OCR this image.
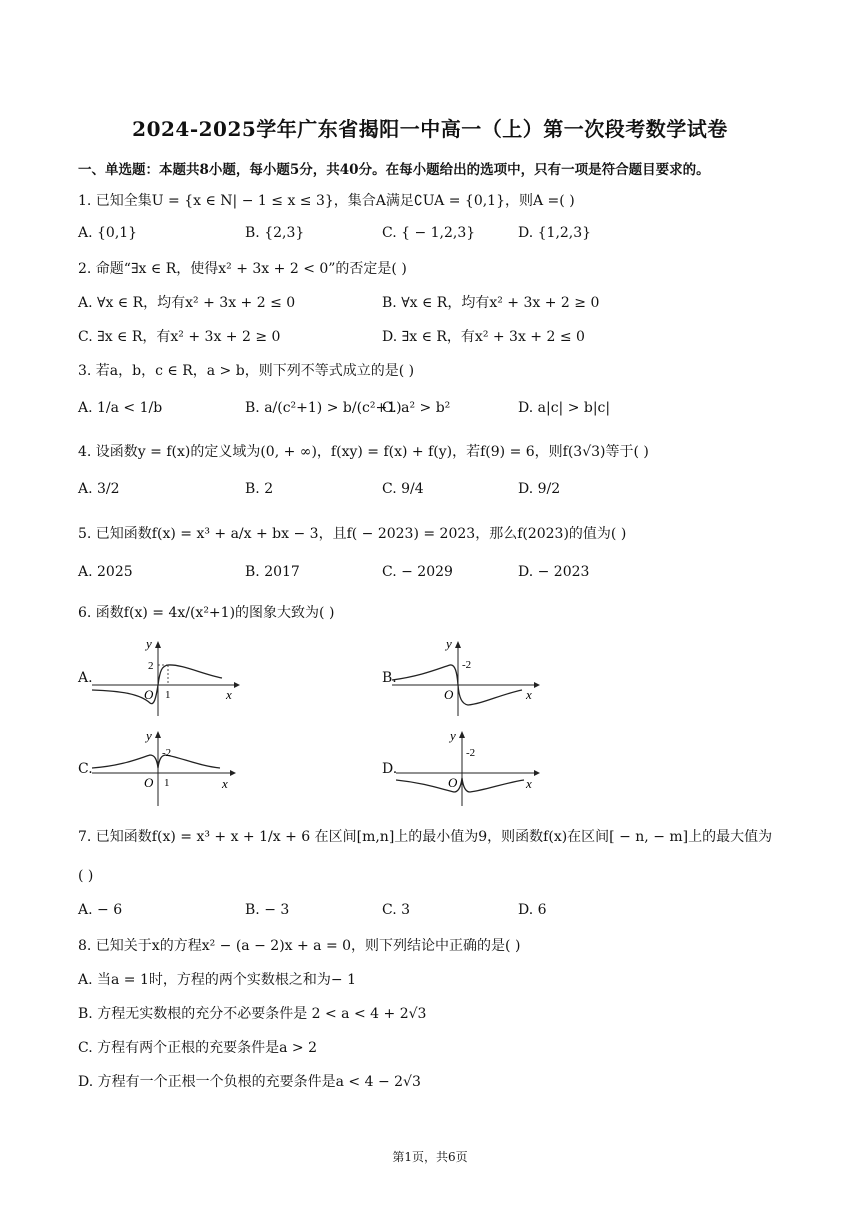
2024-2025学年广东省揭阳一中高一（上）第一次段考数学试卷
一、单选题：本题共8小题，每小题5分，共40分。在每小题给出的选项中，只有一项是符合题目要求的。
1. 已知全集U = {x ∈ N| − 1 ≤ x ≤ 3}，集合A满足∁UA = {0,1}，则A =( )
A. {0,1}	B. {2,3}	C. { − 1,2,3}	D. {1,2,3}
2. 命题“∃x ∈ R，使得x² + 3x + 2 < 0”的否定是( )
A. ∀x ∈ R，均有x² + 3x + 2 ≤ 0	B. ∀x ∈ R，均有x² + 3x + 2 ≥ 0
C. ∃x ∈ R，有x² + 3x + 2 ≥ 0	D. ∃x ∈ R，有x² + 3x + 2 ≤ 0
3. 若a，b，c ∈ R，a > b，则下列不等式成立的是( )
A. 1/a < 1/b	B. a/(c²+1) > b/(c²+1)
C. a² > b²	D. a|c| > b|c|
4. 设函数y = f(x)的定义域为(0, + ∞)，f(xy) = f(x) + f(y)，若f(9) = 6，则f(3√3)等于( )
A. 3/2	B. 2	C. 9/4	D. 9/2
5. 已知函数f(x) = x³ + a/x + bx − 3，且f( − 2023) = 2023，那么f(2023)的值为( )
A. 2025	B. 2017	C. − 2029	D. − 2023
6. 函数f(x) = 4x/(x²+1)的图象大致为( )
A.
y
x
O 1
2
B.
y
x
O
-2
C.
y
x
O 1
-2
D.
y
x
O
-2
7. 已知函数f(x) = x³ + x + 1/x + 6 在区间[m,n]上的最小值为9，则函数f(x)在区间[ − n, − m]上的最大值为
( )
A. − 6	B. − 3	C. 3	D. 6
8. 已知关于x的方程x² − (a − 2)x + a = 0，则下列结论中正确的是( )
A. 当a = 1时，方程的两个实数根之和为− 1
B. 方程无实数根的充分不必要条件是 2 < a < 4 + 2√3
C. 方程有两个正根的充要条件是a > 2
D. 方程有一个正根一个负根的充要条件是a < 4 − 2√3
第1页，共6页
